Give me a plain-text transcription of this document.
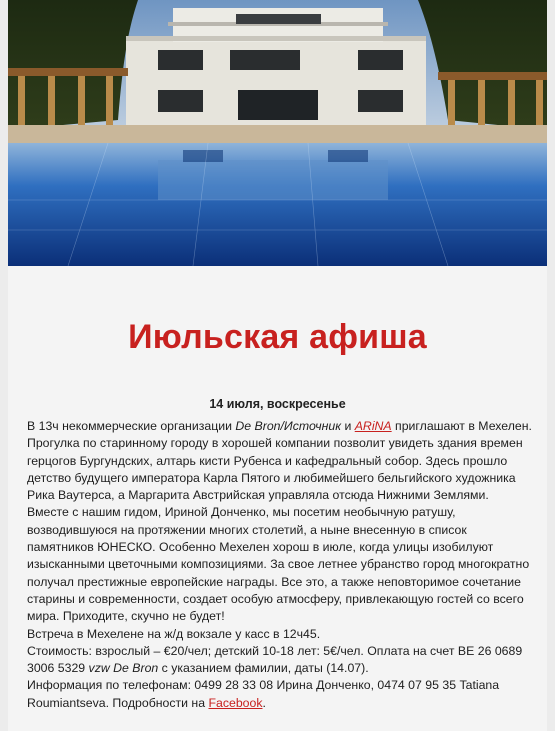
Июльская афиша
14 июля, воскресенье

В 13ч некоммерческие организации De Bron/Источник и ARiNA приглашают в Мехелен. Прогулка по старинному городу в хорошей компании позволит увидеть здания времен герцогов Бургундских, алтарь кисти Рубенса и кафедральный собор. Здесь прошло детство будущего императора Карла Пятого и любимейшего бельгийского художника Рика Ваутерса, а Маргарита Австрийская управляла отсюда Нижними Землями. Вместе с нашим гидом, Ириной Донченко, мы посетим необычную ратушу, возводившуюся на протяжении многих столетий, а ныне внесенную в список памятников ЮНЕСКО. Особенно Мехелен хорош в июле, когда улицы изобилуют изысканными цветочными композициями. За свое летнее убранство город многократно получал престижные европейские награды. Все это, а также неповторимое сочетание старины и современности, создает особую атмосферу, привлекающую гостей со всего мира. Приходите, скучно не будет!

Встреча в Мехелене на ж/д вокзале у касс в 12ч45.

Стоимость: взрослый – €20/чел; детский 10-18 лет: 5€/чел. Оплата на счет BE 26 0689 3006 5329 vzw De Bron с указанием фамилии, даты (14.07).

Информация по телефонам: 0499 28 33 08 Ирина Донченко, 0474 07 95 35 Tatiana Roumiantseva. Подробности на Facebook.
